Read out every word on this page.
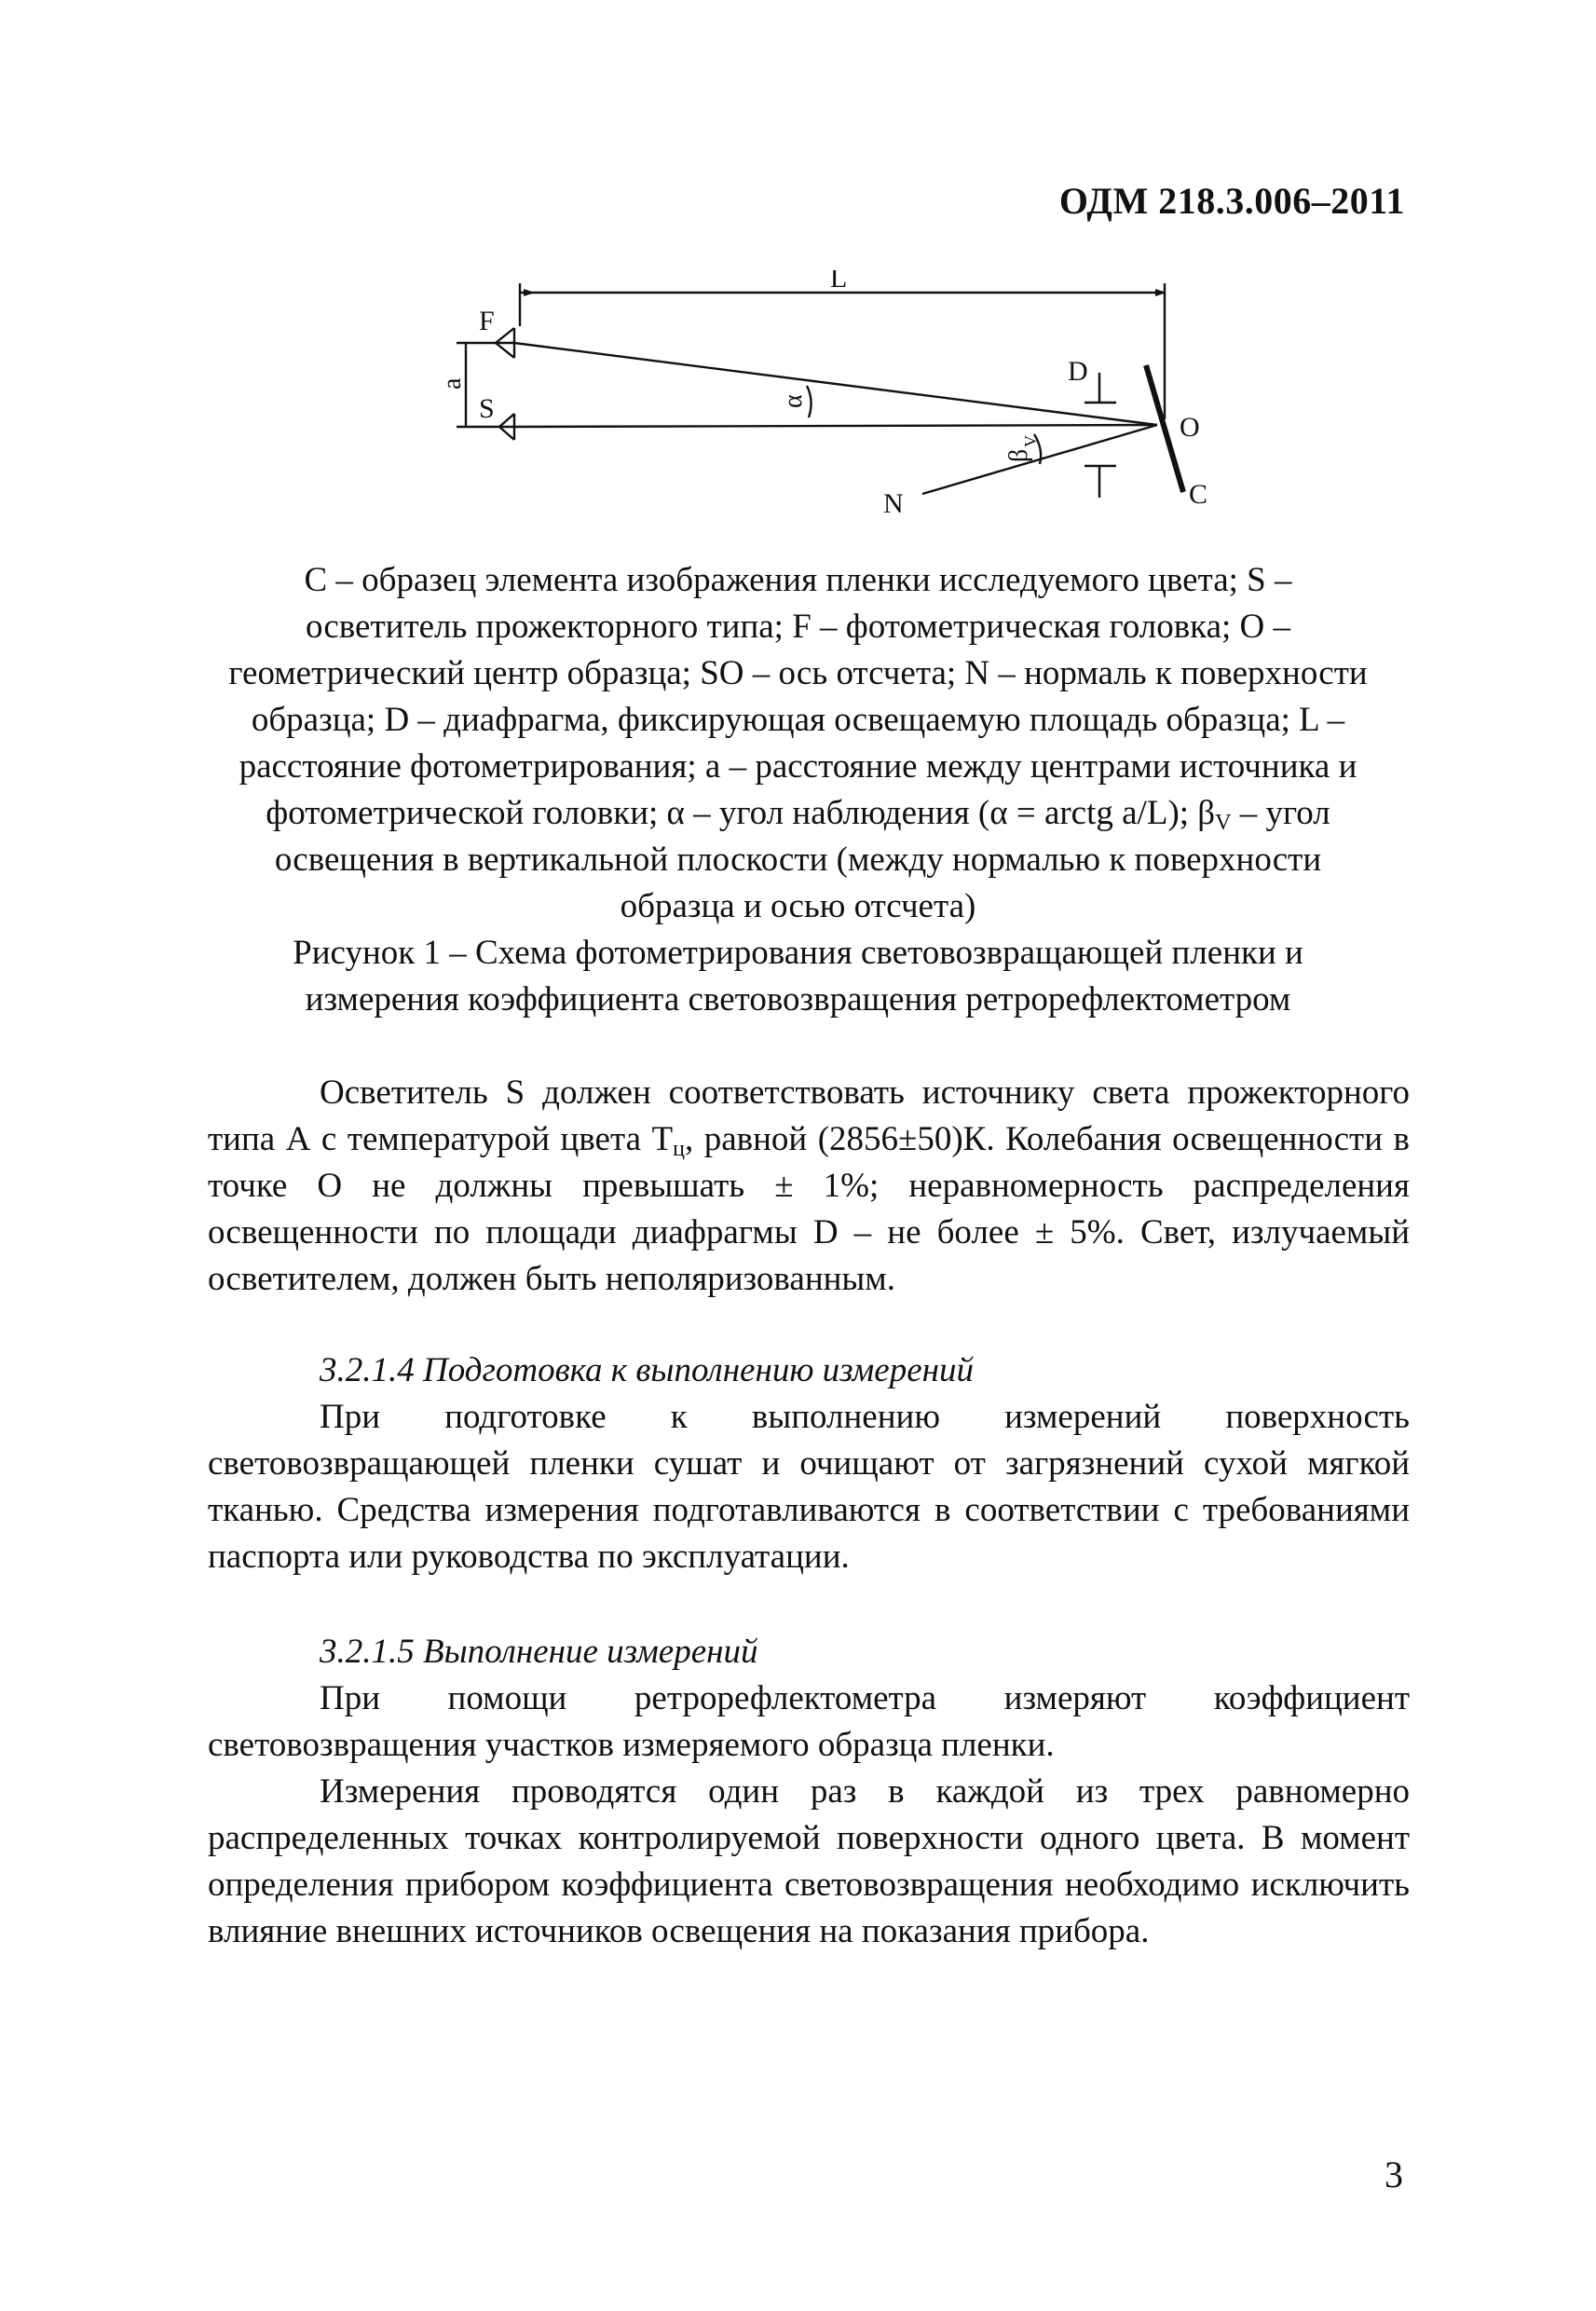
ОДМ 218.3.006–2011
L
F
S
a	D
O
N	C
α
β
V

С – образец элемента изображения пленки исследуемого цвета; S – осветитель прожекторного типа; F – фотометрическая головка; О – геометрический центр образца; SO – ось отсчета; N – нормаль к поверхности образца; D – диафрагма, фиксирующая освещаемую площадь образца; L – расстояние фотометрирования; а – расстояние между центрами источника и фотометрической головки; α – угол наблюдения (α = arctg a/L); $\beta_V$ – угол освещения в вертикальной плоскости (между нормалью к поверхности образца и осью отсчета)

Рисунок 1 – Схема фотометрирования световозвращающей пленки и измерения коэффициента световозвращения ретрорефлектометром

Осветитель S должен соответствовать источнику света прожекторного типа А с температурой цвета $Т_ц$, равной (2856±50)К. Колебания освещенности в точке О не должны превышать ± 1%; неравномерность распределения освещенности по площади диафрагмы D – не более ± 5%. Свет, излучаемый осветителем, должен быть неполяризованным.

3.2.1.4 Подготовка к выполнению измерений

При подготовке к выполнению измерений поверхность световозвращающей пленки сушат и очищают от загрязнений сухой мягкой тканью. Средства измерения подготавливаются в соответствии с требованиями паспорта или руководства по эксплуатации.

3.2.1.5 Выполнение измерений

При помощи ретрорефлектометра измеряют коэффициент световозвращения участков измеряемого образца пленки.

Измерения проводятся один раз в каждой из трех равномерно распределенных точках контролируемой поверхности одного цвета. В момент определения прибором коэффициента световозвращения необходимо исключить влияние внешних источников освещения на показания прибора.

3
